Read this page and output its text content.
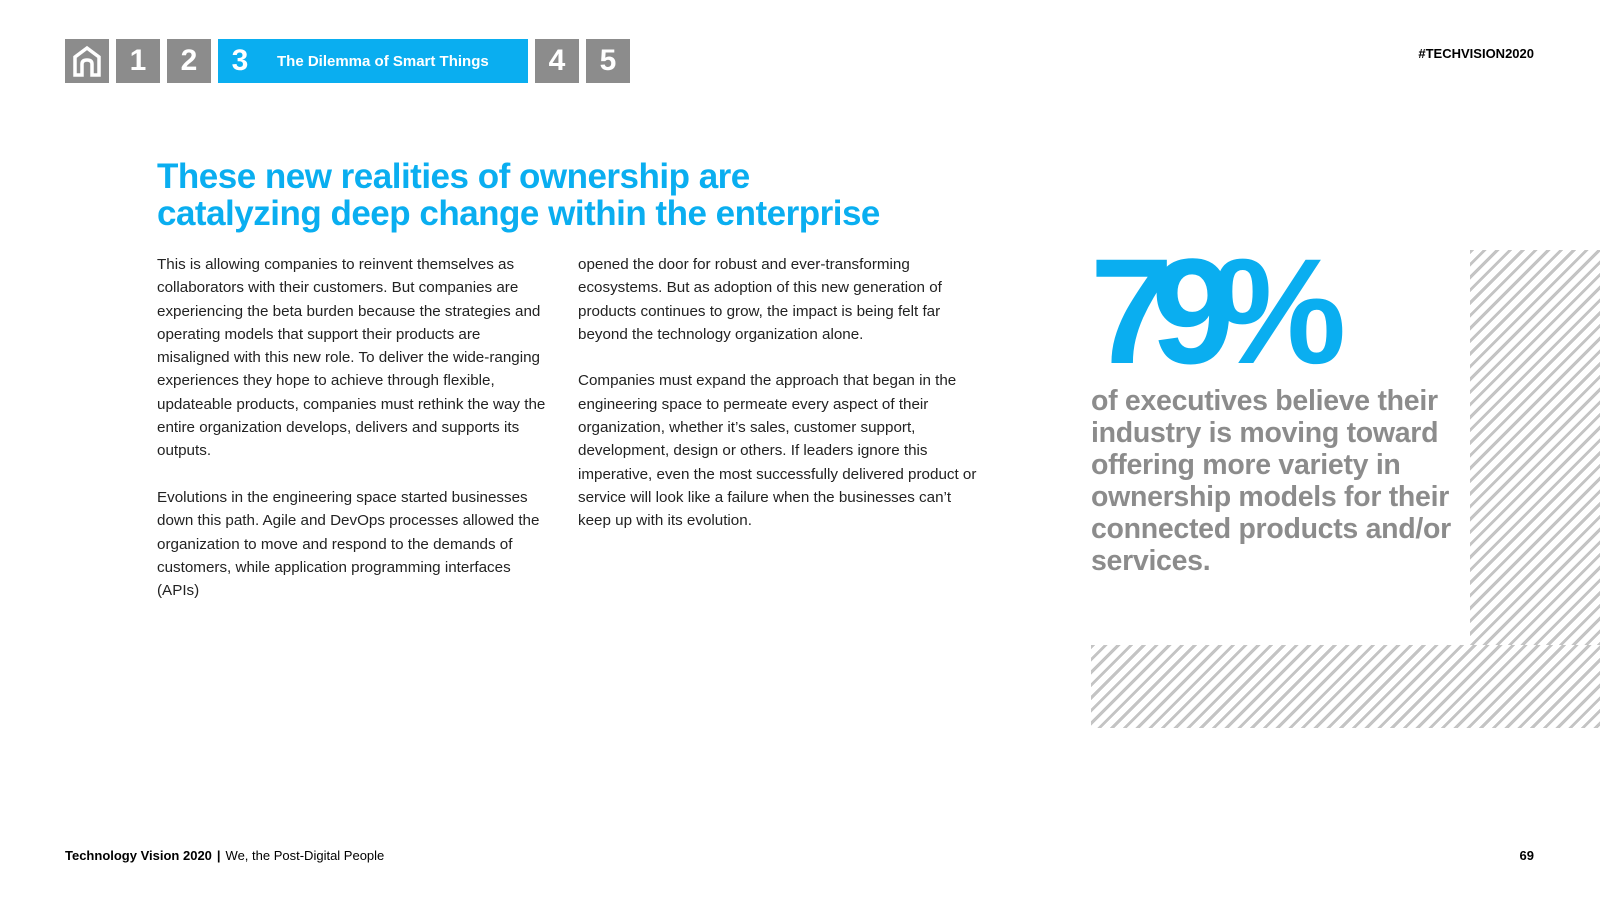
1	2	3	The Dilemma of Smart Things	4	5	#TECHVISION2020
These new realities of ownership are
catalyzing deep change within the enterprise

This is allowing companies to reinvent themselves as collaborators with their customers. But companies are experiencing the beta burden because the strategies and operating models that support their products are misaligned with this new role. To deliver the wide-ranging experiences they hope to achieve through flexible, updateable products, companies must rethink the way the entire organization develops, delivers and supports its outputs.

Evolutions in the engineering space started businesses down this path. Agile and DevOps processes allowed the organization to move and respond to the demands of customers, while application programming interfaces (APIs)

opened the door for robust and ever-transforming ecosystems. But as adoption of this new generation of products continues to grow, the impact is being felt far beyond the technology organization alone.

Companies must expand the approach that began in the engineering space to permeate every aspect of their organization, whether it’s sales, customer support, development, design or others. If leaders ignore this imperative, even the most successfully delivered product or service will look like a failure when the businesses can’t keep up with its evolution.

79%

of executives believe their industry is moving toward offering more variety in ownership models for their connected products and/or services.

Technology Vision 2020 | We, the Post-Digital People	69
